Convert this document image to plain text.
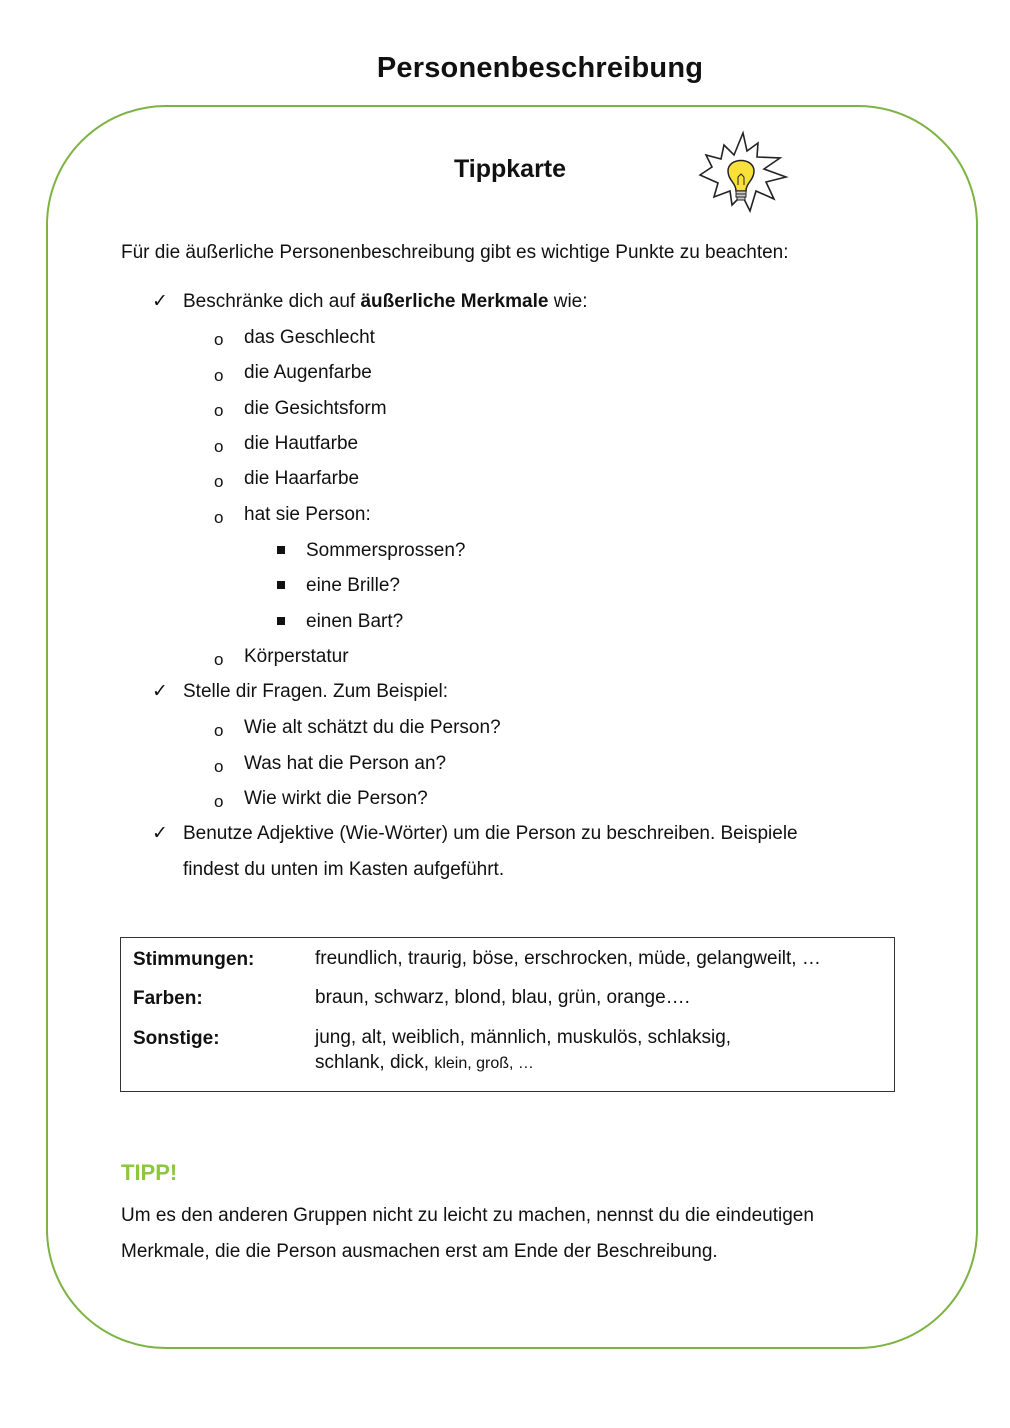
Personenbeschreibung
Tippkarte
Für die äußerliche Personenbeschreibung gibt es wichtige Punkte zu beachten:
✓ Beschränke dich auf äußerliche Merkmale wie:
o das Geschlecht
o die Augenfarbe
o die Gesichtsform
o die Hautfarbe
o die Haarfarbe
o hat sie Person:
Sommersprossen?
eine Brille?
einen Bart?
o Körperstatur
✓ Stelle dir Fragen. Zum Beispiel:
o Wie alt schätzt du die Person?
o Was hat die Person an?
o Wie wirkt die Person?
✓ Benutze Adjektive (Wie-Wörter) um die Person zu beschreiben. Beispiele
findest du unten im Kasten aufgeführt.
Stimmungen:	freundlich, traurig, böse, erschrocken, müde, gelangweilt, …
Farben:	braun, schwarz, blond, blau, grün, orange….
Sonstige:	jung, alt, weiblich, männlich, muskulös, schlaksig,
schlank, dick, klein, groß, …
TIPP!
Um es den anderen Gruppen nicht zu leicht zu machen, nennst du die eindeutigen Merkmale, die die Person ausmachen erst am Ende der Beschreibung.
